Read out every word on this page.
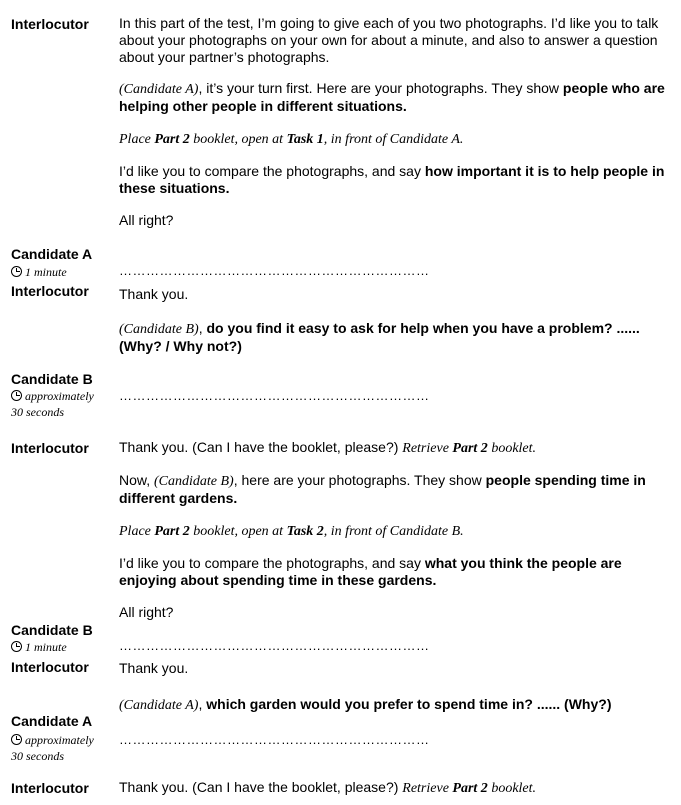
Interlocutor In this part of the test, I’m going to give each of you two photographs. I’d like you to talk about your photographs on your own for about a minute, and also to answer a question about your partner’s photographs.
(Candidate A), it’s your turn first. Here are your photographs. They show people who are helping other people in different situations.
Place Part 2 booklet, open at Task 1, in front of Candidate A.
I’d like you to compare the photographs, and say how important it is to help people in these situations.
All right?
Candidate A
1 minute	……………………………………………………………
Interlocutor Thank you.
(Candidate B), do you find it easy to ask for help when you have a problem? ...... (Why? / Why not?)
Candidate B
approximately
30 seconds
……………………………………………………………
Interlocutor Thank you. (Can I have the booklet, please?) Retrieve Part 2 booklet.
Now, (Candidate B), here are your photographs. They show people spending time in different gardens.
Place Part 2 booklet, open at Task 2, in front of Candidate B.
I’d like you to compare the photographs, and say what you think the people are enjoying about spending time in these gardens.
All right?
Candidate B
1 minute	……………………………………………………………
Interlocutor Thank you.
(Candidate A), which garden would you prefer to spend time in? ...... (Why?)
Candidate A
approximately
30 seconds
……………………………………………………………
Interlocutor Thank you. (Can I have the booklet, please?) Retrieve Part 2 booklet.
